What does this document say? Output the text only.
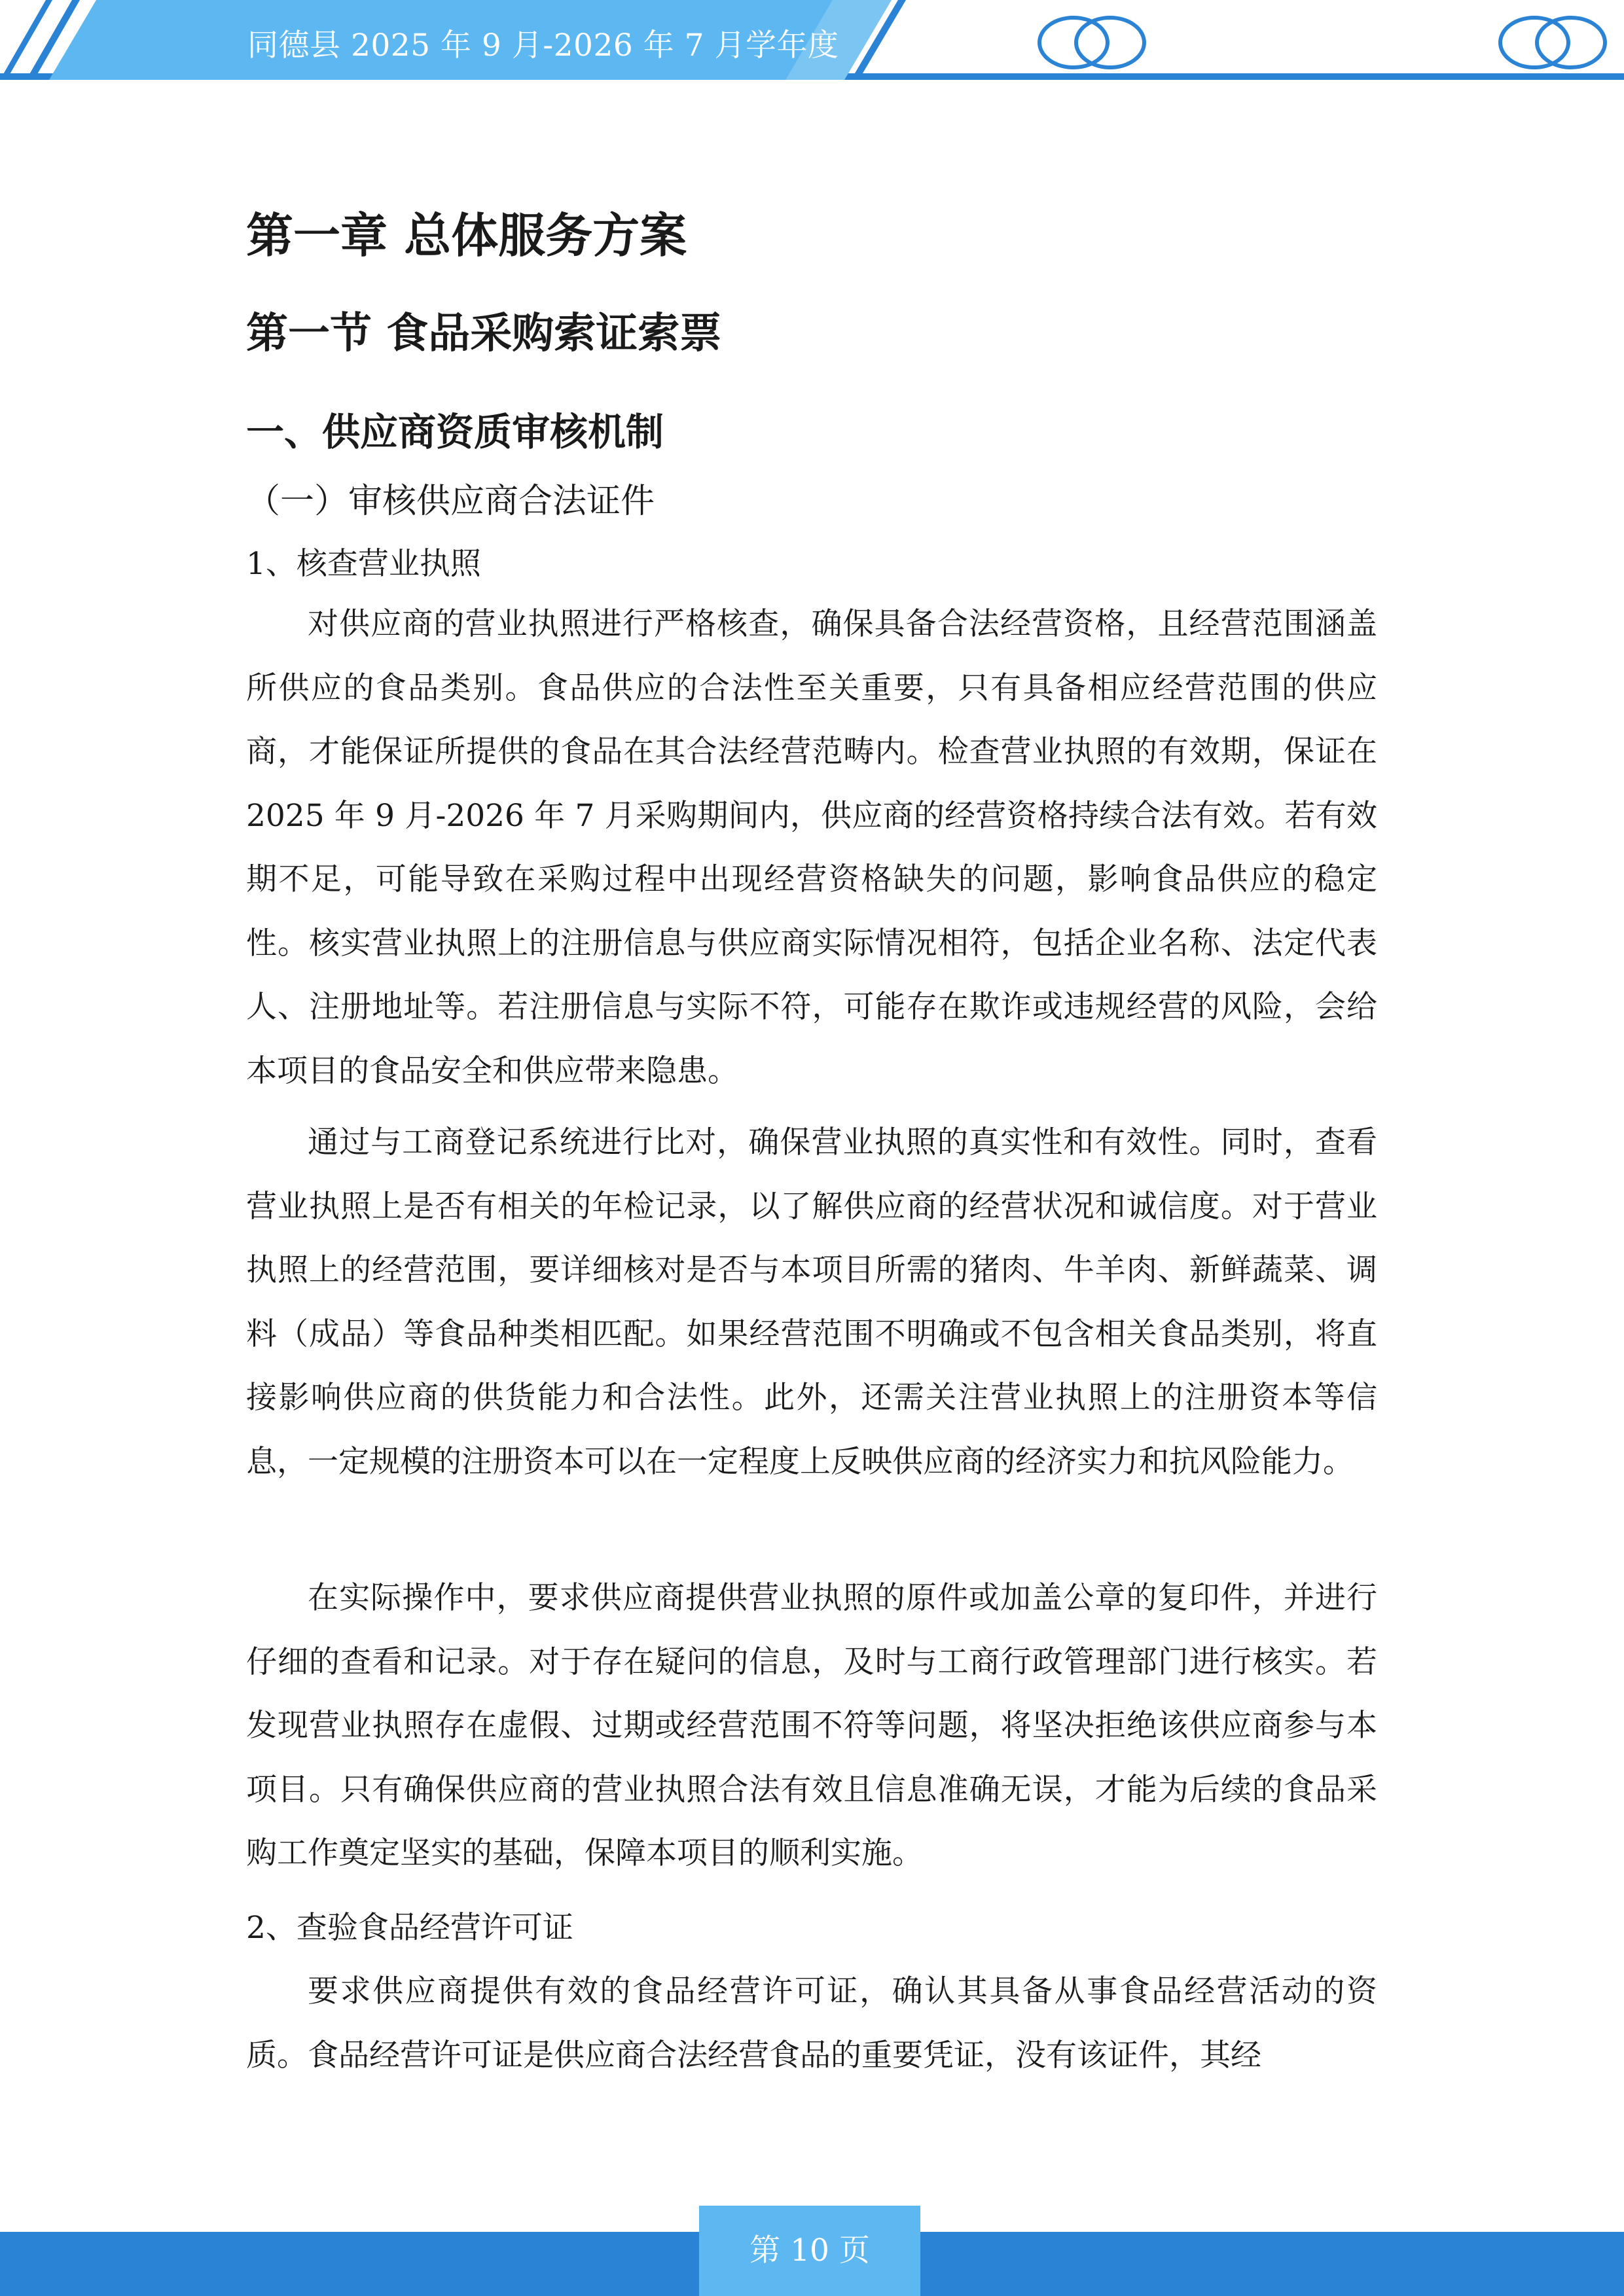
同德县 2025 年 9 月-2026 年 7 月学年度
第一章 总体服务方案
第一节 食品采购索证索票
一、供应商资质审核机制
（一）审核供应商合法证件

1、核查营业执照

对供应商的营业执照进行严格核查，确保具备合法经营资格，且经营范围涵盖所供应的食品类别。食品供应的合法性至关重要，只有具备相应经营范围的供应商，才能保证所提供的食品在其合法经营范畴内。检查营业执照的有效期，保证在 2025 年 9 月-2026 年 7 月采购期间内，供应商的经营资格持续合法有效。若有效期不足，可能导致在采购过程中出现经营资格缺失的问题，影响食品供应的稳定性。核实营业执照上的注册信息与供应商实际情况相符，包括企业名称、法定代表人、注册地址等。若注册信息与实际不符，可能存在欺诈或违规经营的风险，会给本项目的食品安全和供应带来隐患。

通过与工商登记系统进行比对，确保营业执照的真实性和有效性。同时，查看营业执照上是否有相关的年检记录，以了解供应商的经营状况和诚信度。对于营业执照上的经营范围，要详细核对是否与本项目所需的猪肉、牛羊肉、新鲜蔬菜、调料（成品）等食品种类相匹配。如果经营范围不明确或不包含相关食品类别，将直接影响供应商的供货能力和合法性。此外，还需关注营业执照上的注册资本等信息，一定规模的注册资本可以在一定程度上反映供应商的经济实力和抗风险能力。

在实际操作中，要求供应商提供营业执照的原件或加盖公章的复印件，并进行仔细的查看和记录。对于存在疑问的信息，及时与工商行政管理部门进行核实。若发现营业执照存在虚假、过期或经营范围不符等问题，将坚决拒绝该供应商参与本项目。只有确保供应商的营业执照合法有效且信息准确无误，才能为后续的食品采购工作奠定坚实的基础，保障本项目的顺利实施。

2、查验食品经营许可证

要求供应商提供有效的食品经营许可证，确认其具备从事食品经营活动的资质。食品经营许可证是供应商合法经营食品的重要凭证，没有该证件，其经

第 10 页
